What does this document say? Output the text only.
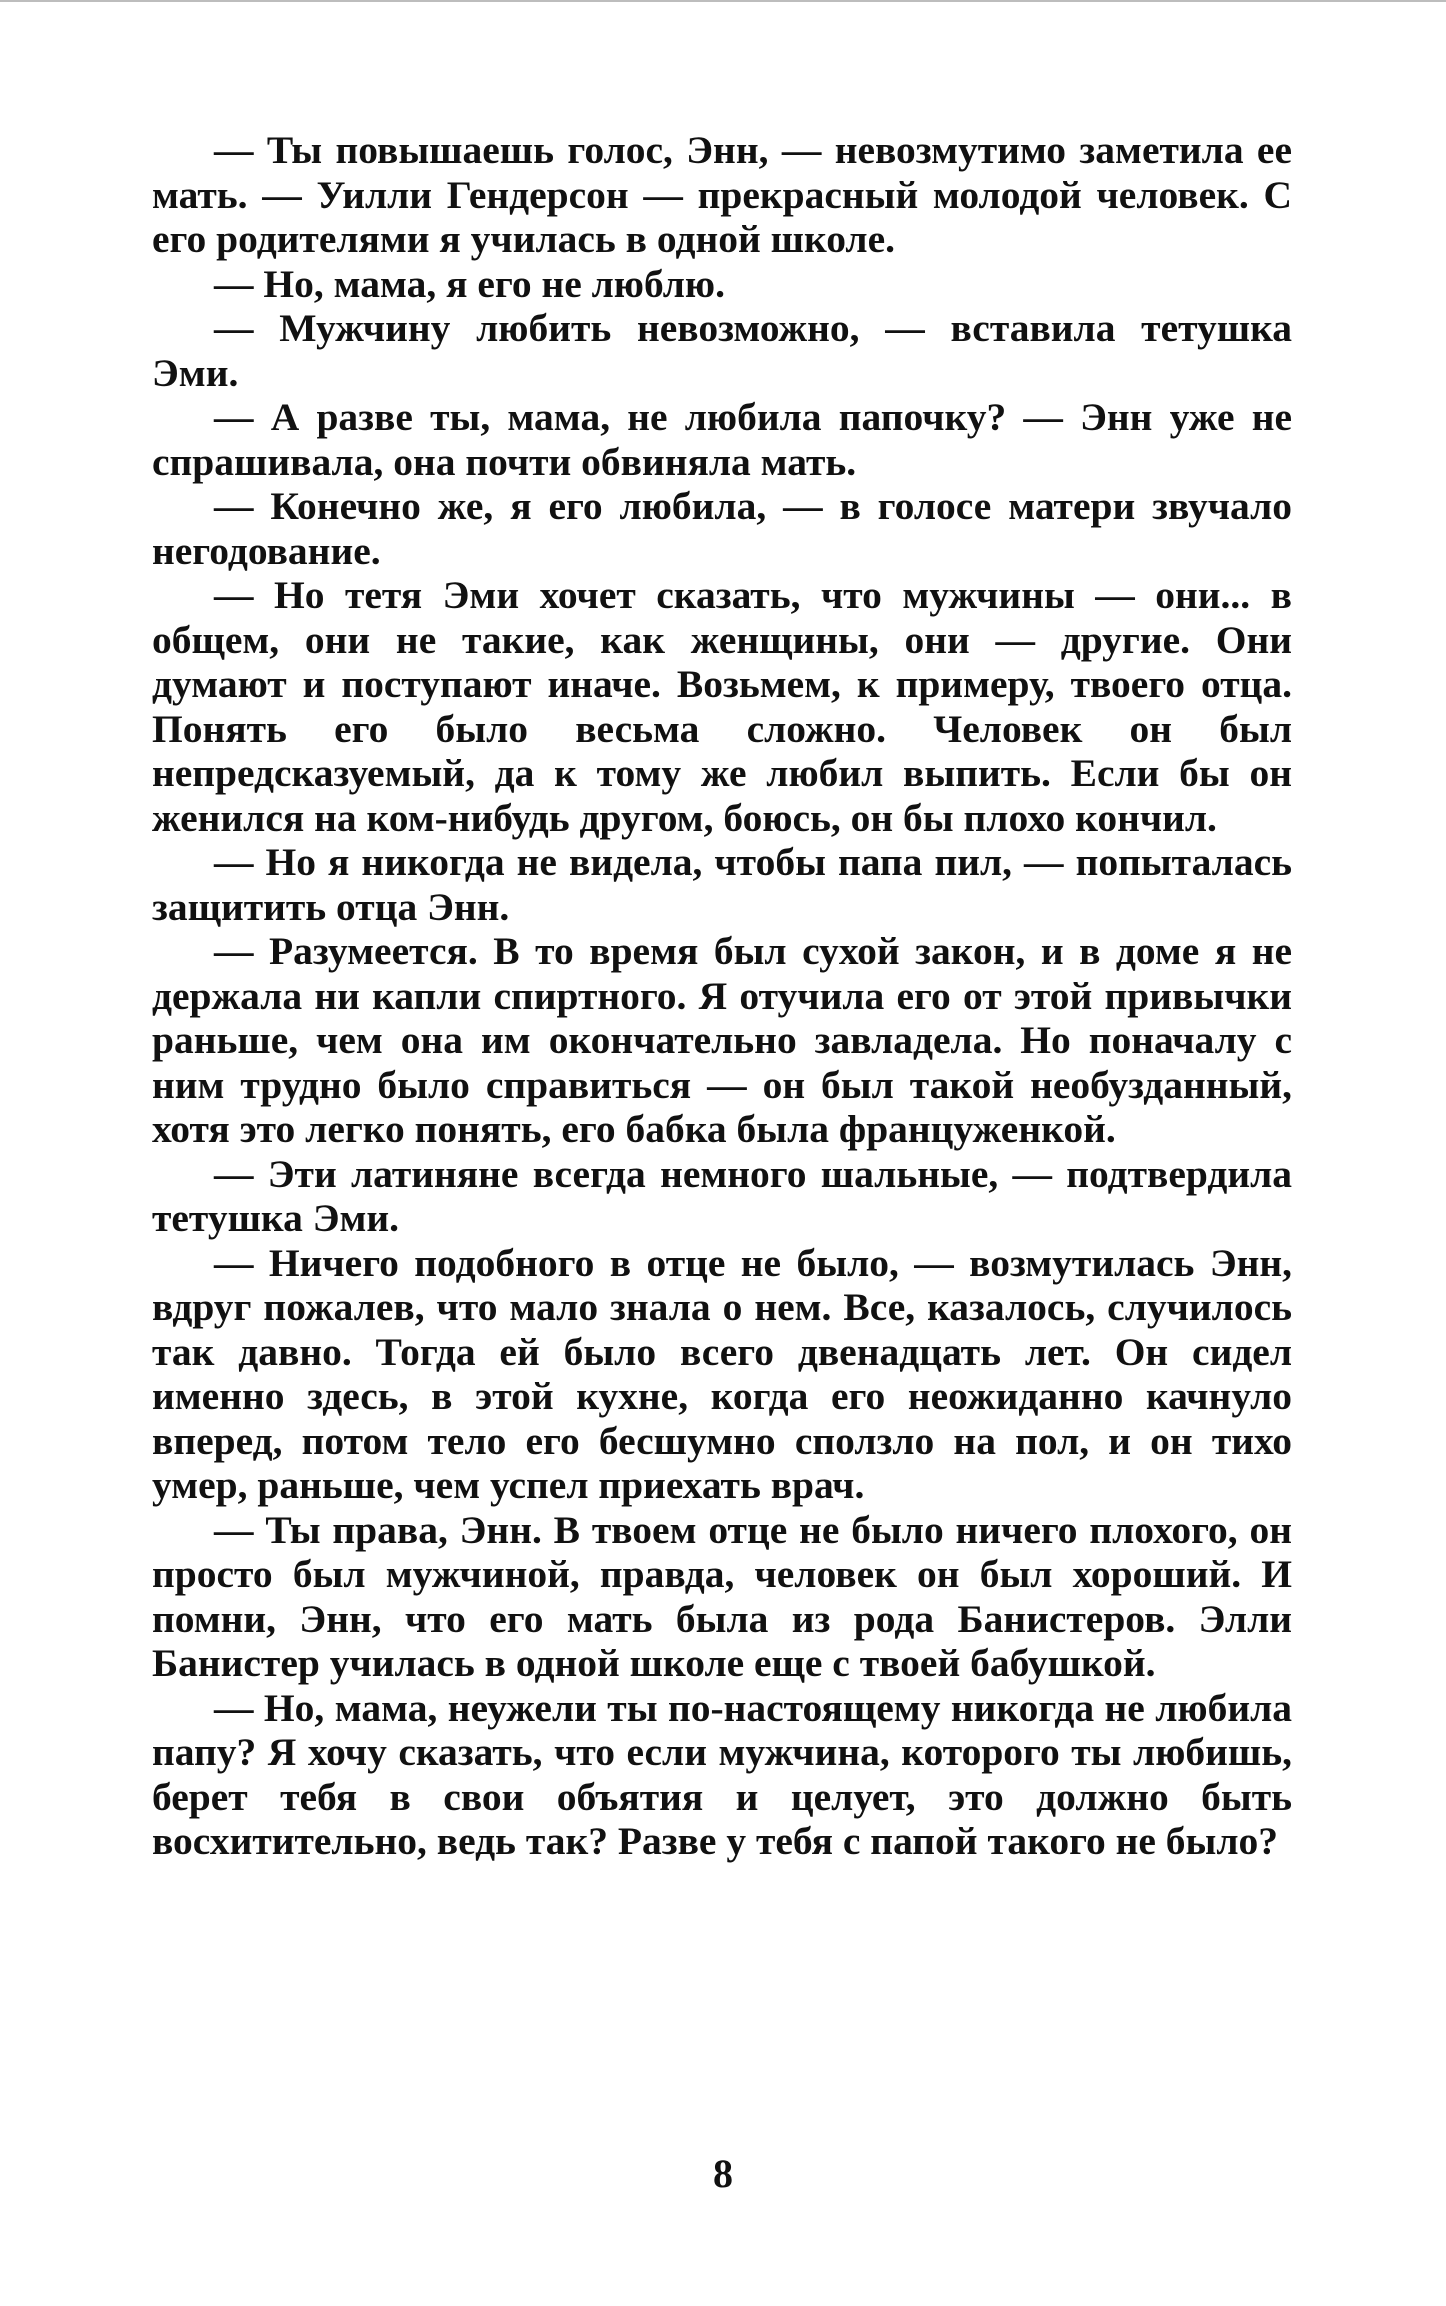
— Ты повышаешь голос, Энн, — невозмутимо заметила ее мать. — Уилли Гендерсон — прекрасный молодой человек. С его родителями я училась в одной школе.

— Но, мама, я его не люблю.

— Мужчину любить невозможно, — вставила тетушка Эми.

— А разве ты, мама, не любила папочку? — Энн уже не спрашивала, она почти обвиняла мать.

— Конечно же, я его любила, — в голосе матери звучало негодование.

— Но тетя Эми хочет сказать, что мужчины — они... в общем, они не такие, как женщины, они — другие. Они думают и поступают иначе. Возьмем, к примеру, твоего отца. Понять его было весьма сложно. Человек он был непредсказуемый, да к тому же любил выпить. Если бы он женился на ком-нибудь другом, боюсь, он бы плохо кончил.

— Но я никогда не видела, чтобы папа пил, — попыталась защитить отца Энн.

— Разумеется. В то время был сухой закон, и в доме я не держала ни капли спиртного. Я отучила его от этой привычки раньше, чем она им окончательно завладела. Но поначалу с ним трудно было справиться — он был такой необузданный, хотя это легко понять, его бабка была француженкой.

— Эти латиняне всегда немного шальные, — подтвердила тетушка Эми.

— Ничего подобного в отце не было, — возмутилась Энн, вдруг пожалев, что мало знала о нем. Все, казалось, случилось так давно. Тогда ей было всего двенадцать лет. Он сидел именно здесь, в этой кухне, когда его неожиданно качнуло вперед, потом тело его бесшумно сползло на пол, и он тихо умер, раньше, чем успел приехать врач.

— Ты права, Энн. В твоем отце не было ничего плохого, он просто был мужчиной, правда, человек он был хороший. И помни, Энн, что его мать была из рода Банистеров. Элли Банистер училась в одной школе еще с твоей бабушкой.

— Но, мама, неужели ты по-настоящему никогда не любила папу? Я хочу сказать, что если мужчина, которого ты любишь, берет тебя в свои объятия и целует, это должно быть восхитительно, ведь так? Разве у тебя с папой такого не было?

8
